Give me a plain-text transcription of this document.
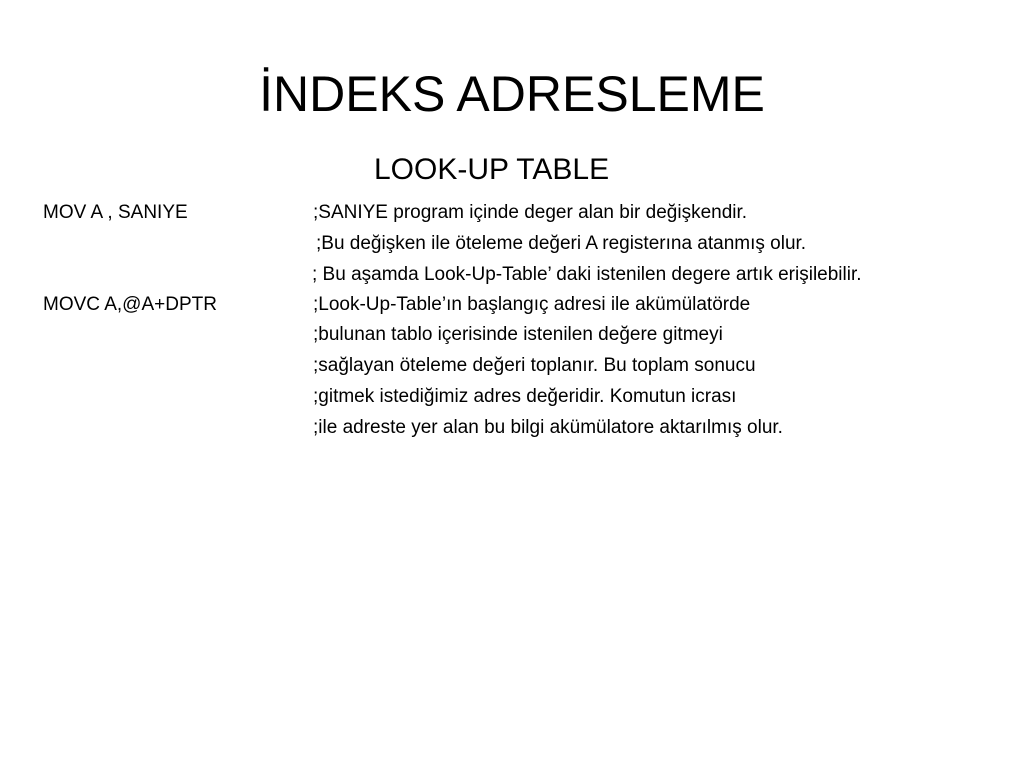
İNDEKS ADRESLEME
LOOK-UP TABLE
MOV A , SANIYE	;SANIYE program içinde deger alan bir değişkendir.
;Bu değişken ile öteleme değeri A registerına atanmış olur.
; Bu aşamda Look-Up-Table’ daki istenilen degere artık erişilebilir.
MOVC A,@A+DPTR	;Look-Up-Table’ın başlangıç adresi ile akümülatörde
;bulunan tablo içerisinde istenilen değere gitmeyi
;sağlayan öteleme değeri toplanır. Bu toplam sonucu
;gitmek istediğimiz adres değeridir. Komutun icrası
;ile adreste yer alan bu bilgi akümülatore aktarılmış olur.
